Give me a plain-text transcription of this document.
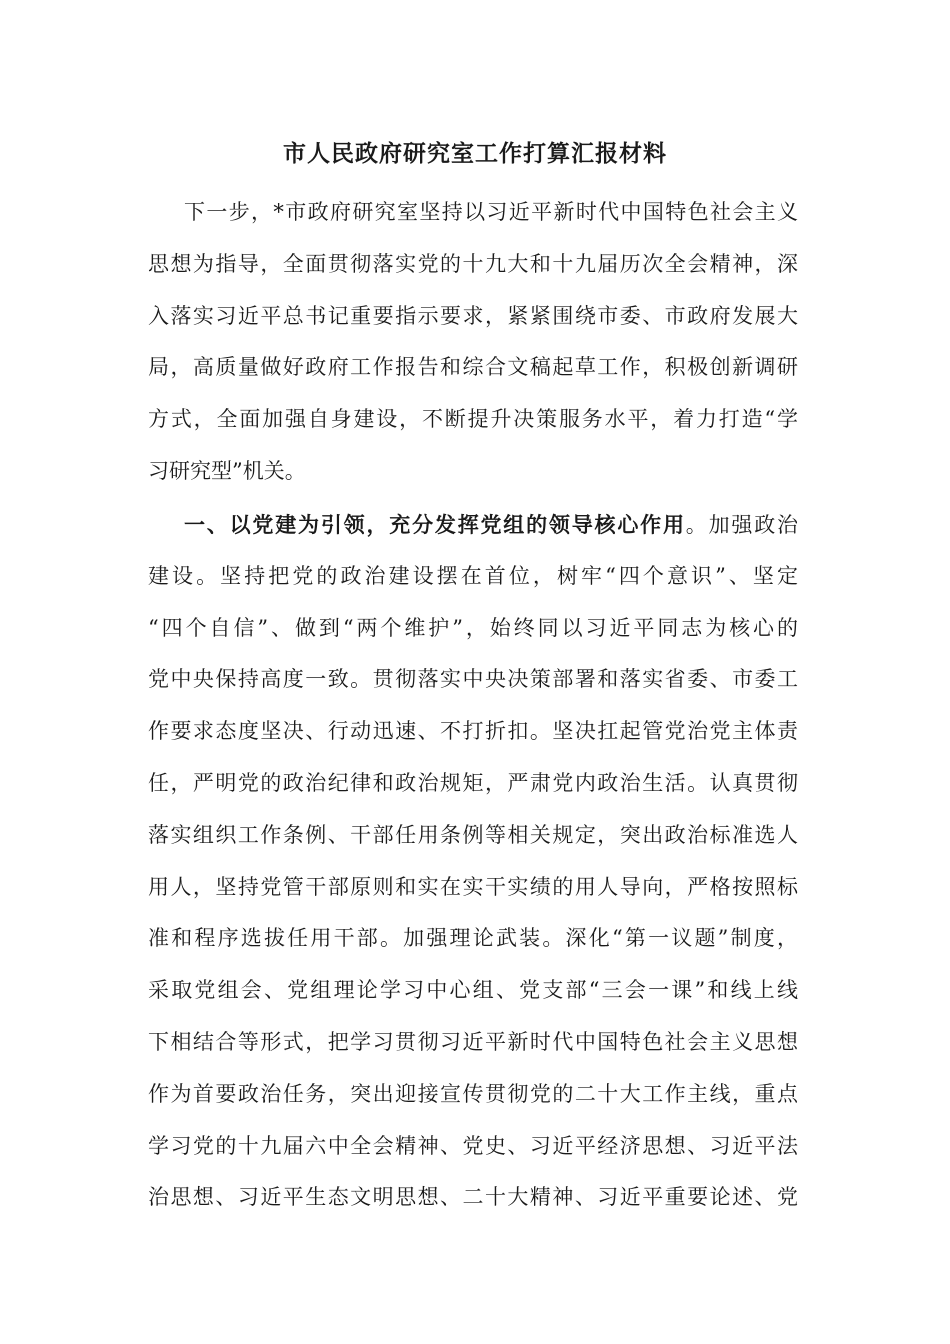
市人民政府研究室工作打算汇报材料
下一步，*市政府研究室坚持以习近平新时代中国特色社会主义
思想为指导，全面贯彻落实党的十九大和十九届历次全会精神，深
入落实习近平总书记重要指示要求，紧紧围绕市委、市政府发展大
局，高质量做好政府工作报告和综合文稿起草工作，积极创新调研
方式，全面加强自身建设，不断提升决策服务水平，着力打造“学
习研究型”机关。
一、以党建为引领，充分发挥党组的领导核心作用。加强政治
建设。坚持把党的政治建设摆在首位，树牢“四个意识”、坚定
“四个自信”、做到“两个维护”，始终同以习近平同志为核心的
党中央保持高度一致。贯彻落实中央决策部署和落实省委、市委工
作要求态度坚决、行动迅速、不打折扣。坚决扛起管党治党主体责
任，严明党的政治纪律和政治规矩，严肃党内政治生活。认真贯彻
落实组织工作条例、干部任用条例等相关规定，突出政治标准选人
用人，坚持党管干部原则和实在实干实绩的用人导向，严格按照标
准和程序选拔任用干部。加强理论武装。深化“第一议题”制度，
采取党组会、党组理论学习中心组、党支部“三会一课”和线上线
下相结合等形式，把学习贯彻习近平新时代中国特色社会主义思想
作为首要政治任务，突出迎接宣传贯彻党的二十大工作主线，重点
学习党的十九届六中全会精神、党史、习近平经济思想、习近平法
治思想、习近平生态文明思想、二十大精神、习近平重要论述、党
